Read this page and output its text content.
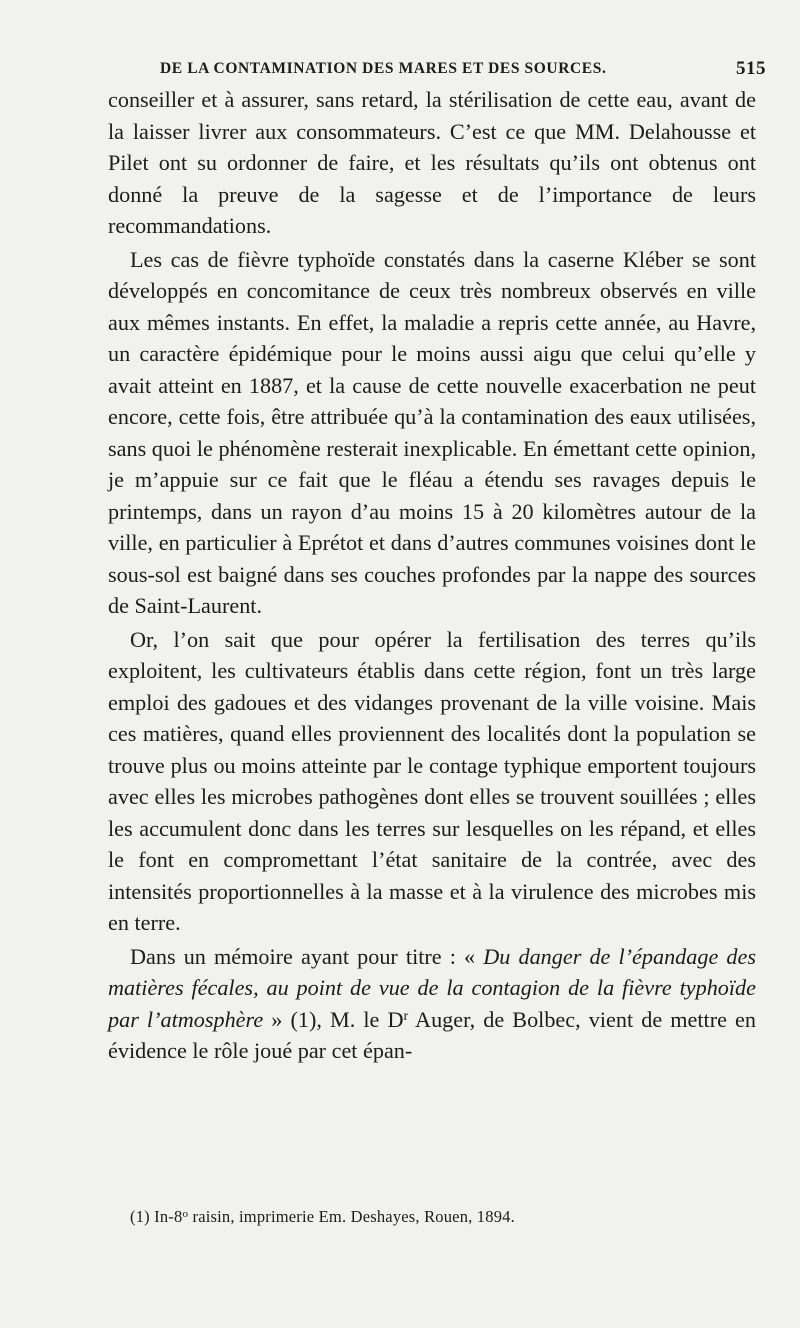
DE LA CONTAMINATION DES MARES ET DES SOURCES.	515

conseiller et à assurer, sans retard, la stérilisation de cette eau, avant de la laisser livrer aux consommateurs. C’est ce que MM. Delahousse et Pilet ont su ordonner de faire, et les résultats qu’ils ont obtenus ont donné la preuve de la sagesse et de l’importance de leurs recommandations.

Les cas de fièvre typhoïde constatés dans la caserne Kléber se sont développés en concomitance de ceux très nombreux observés en ville aux mêmes instants. En effet, la maladie a repris cette année, au Havre, un caractère épidémique pour le moins aussi aigu que celui qu’elle y avait atteint en 1887, et la cause de cette nouvelle exacerbation ne peut encore, cette fois, être attribuée qu’à la contamination des eaux utilisées, sans quoi le phénomène resterait inexplicable. En émettant cette opinion, je m’appuie sur ce fait que le fléau a étendu ses ravages depuis le printemps, dans un rayon d’au moins 15 à 20 kilomètres autour de la ville, en particulier à Eprétot et dans d’autres communes voisines dont le sous-sol est baigné dans ses couches profondes par la nappe des sources de Saint-Laurent.

Or, l’on sait que pour opérer la fertilisation des terres qu’ils exploitent, les cultivateurs établis dans cette région, font un très large emploi des gadoues et des vidanges provenant de la ville voisine. Mais ces matières, quand elles proviennent des localités dont la population se trouve plus ou moins atteinte par le contage typhique emportent toujours avec elles les microbes pathogènes dont elles se trouvent souillées ; elles les accumulent donc dans les terres sur lesquelles on les répand, et elles le font en compromettant l’état sanitaire de la contrée, avec des intensités proportionnelles à la masse et à la virulence des microbes mis en terre.

Dans un mémoire ayant pour titre : « Du danger de l’épandage des matières fécales, au point de vue de la contagion de la fièvre typhoïde par l’atmosphère » (1), M. le $D^r$ Auger, de Bolbec, vient de mettre en évidence le rôle joué par cet épan-

(1) In-8$^o$ raisin, imprimerie Em. Deshayes, Rouen, 1894.
